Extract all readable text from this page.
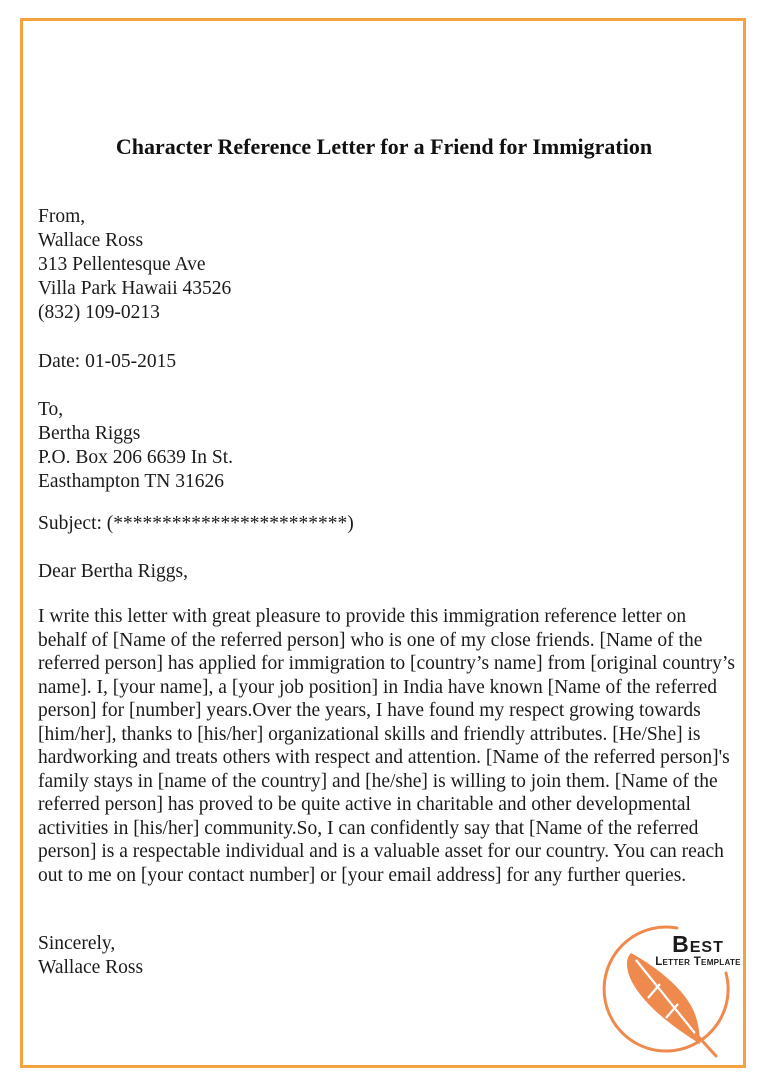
Character Reference Letter for a Friend for Immigration
From,
Wallace Ross
313 Pellentesque Ave
Villa Park Hawaii 43526
(832) 109-0213
Date: 01-05-2015
To,
Bertha Riggs
P.O. Box 206 6639 In St.
Easthampton TN 31626
Subject: (************************)
Dear Bertha Riggs,

I write this letter with great pleasure to provide this immigration reference letter on behalf of [Name of the referred person] who is one of my close friends. [Name of the referred person] has applied for immigration to [country’s name] from [original country’s name]. I, [your name], a [your job position] in India have known [Name of the referred person] for [number] years.Over the years, I have found my respect growing towards [him/her], thanks to [his/her] organizational skills and friendly attributes. [He/She] is hardworking and treats others with respect and attention. [Name of the referred person]'s family stays in [name of the country] and [he/she] is willing to join them. [Name of the referred person] has proved to be quite active in charitable and other developmental activities in [his/her] community.So, I can confidently say that [Name of the referred person] is a respectable individual and is a valuable asset for our country. You can reach out to me on [your contact number] or [your email address] for any further queries.

Sincerely,
Wallace Ross
Best
Letter Template
